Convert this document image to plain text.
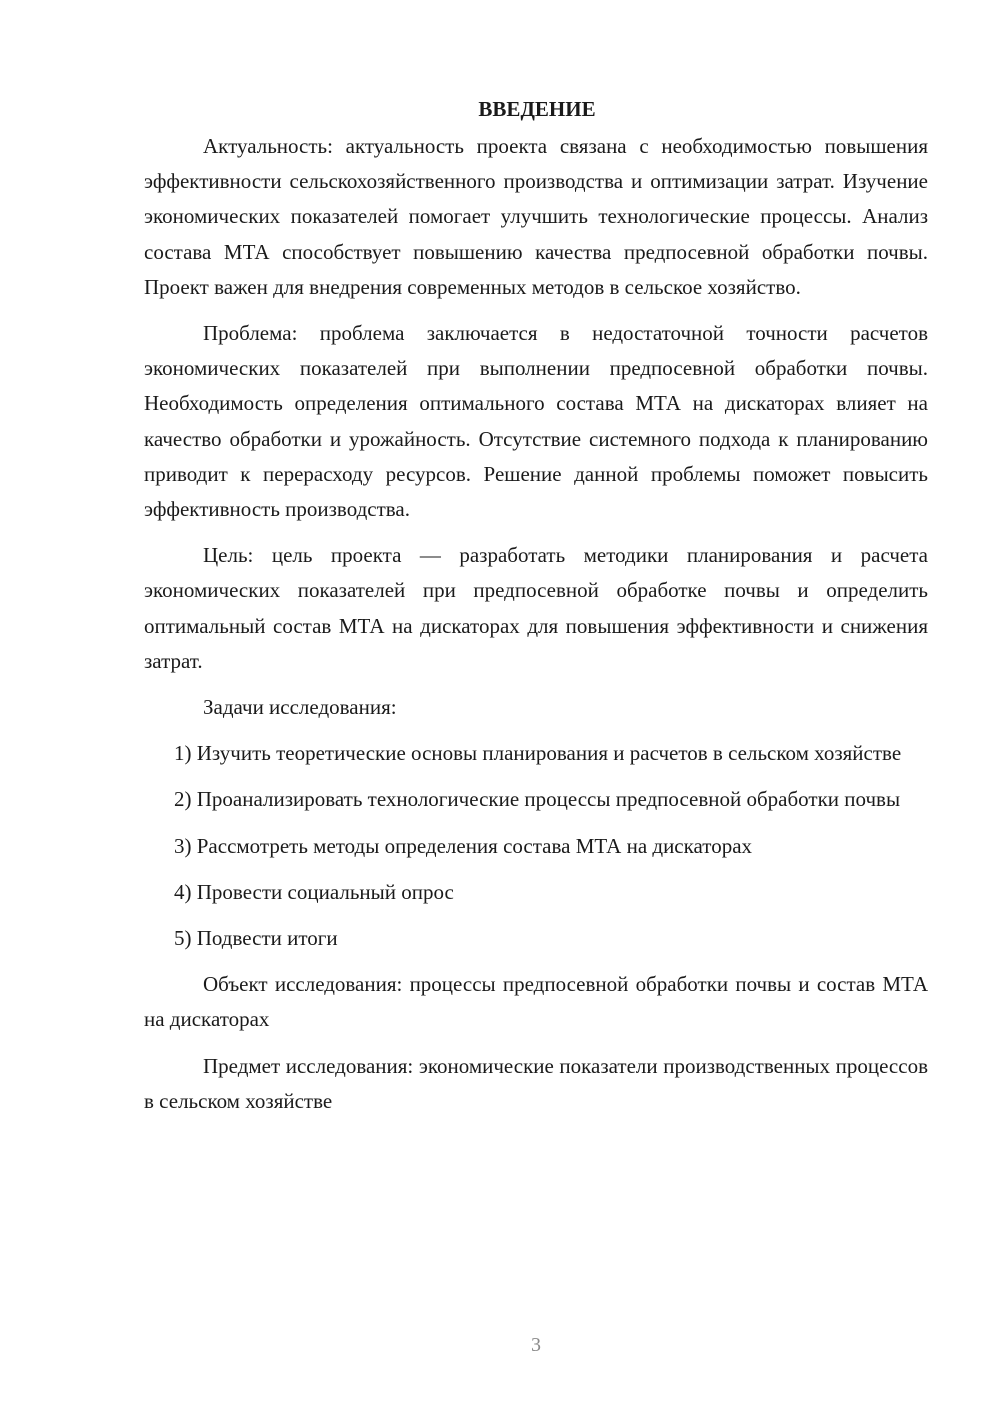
ВВЕДЕНИЕ

Актуальность: актуальность проекта связана с необходимостью повышения эффективности сельскохозяйственного производства и оптимизации затрат. Изучение экономических показателей помогает улучшить технологические процессы. Анализ состава МТА способствует повышению качества предпосевной обработки почвы. Проект важен для внедрения современных методов в сельское хозяйство.

Проблема: проблема заключается в недостаточной точности расчетов экономических показателей при выполнении предпосевной обработки почвы. Необходимость определения оптимального состава МТА на дискаторах влияет на качество обработки и урожайность. Отсутствие системного подхода к планированию приводит к перерасходу ресурсов. Решение данной проблемы поможет повысить эффективность производства.

Цель: цель проекта — разработать методики планирования и расчета экономических показателей при предпосевной обработке почвы и определить оптимальный состав МТА на дискаторах для повышения эффективности и снижения затрат.

Задачи исследования:

1) Изучить теоретические основы планирования и расчетов в сельском хозяйстве

2) Проанализировать технологические процессы предпосевной обработки почвы

3) Рассмотреть методы определения состава МТА на дискаторах

4) Провести социальный опрос

5) Подвести итоги

Объект исследования: процессы предпосевной обработки почвы и состав МТА на дискаторах

Предмет исследования: экономические показатели производственных процессов в сельском хозяйстве

3
